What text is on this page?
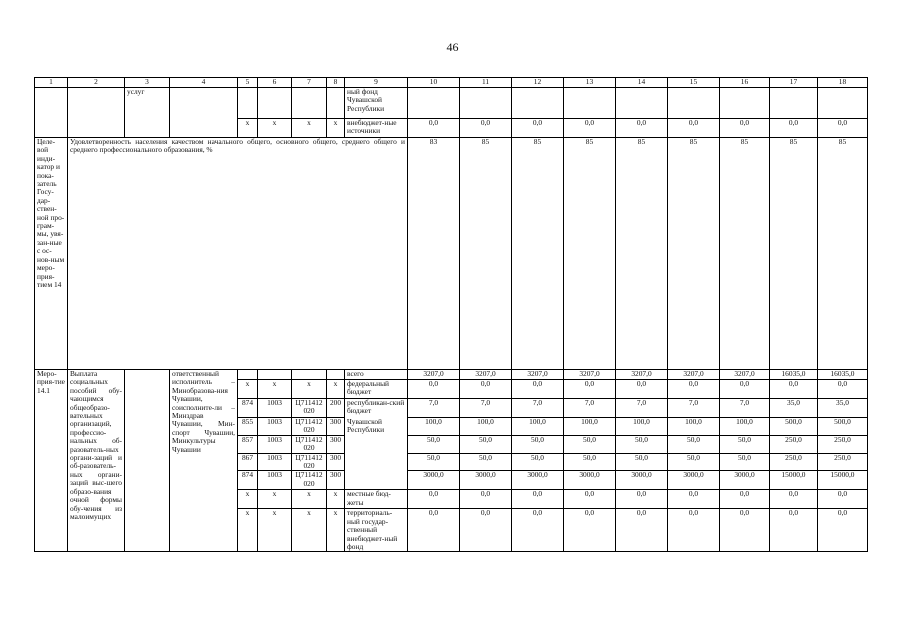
46
1	2	3	4	5	6	7	8	9	10	11	12	13	14	15	16	17	18
		услуг						ный фонд Чувашской Республики									
				х	х	х	х	внебюджет-ные источники	0,0	0,0	0,0	0,0	0,0	0,0	0,0	0,0	0,0
Целе-вой инди-катор и пока-затель Госу-дар-ствен-ной про-грам-мы, увя-зан-ные с ос-нов-ным меро-прия-тием 14	Удовлетворенность населения качеством начального общего, основного общего, среднего общего и среднего профессионального образования, %								83	85	85	85	85	85	85	85	85
Меро-прия-тие 14.1	Выплата социальных пособий обу-чающимся общеобразо-вательных организаций, профессио-нальных об-разователь-ных органи-заций и об-разователь-ных органи-заций выс-шего образо-вания очной формы обу-чения из малоимущих		ответственный исполнитель – Минобразова-ния Чувашии, соисполните-ли – Минздрав Чувашии, Мин-спорт Чувашии, Минкультуры Чувашии					всего	3207,0	3207,0	3207,0	3207,0	3207,0	3207,0	3207,0	16035,0	16035,0
				х	х	х	х	федеральный бюджет	0,0	0,0	0,0	0,0	0,0	0,0	0,0	0,0	0,0
				874	1003	Ц711412 020	200	республикан-ский бюджет	7,0	7,0	7,0	7,0	7,0	7,0	7,0	35,0	35,0
				855	1003	Ц711412 020	300	Чувашской Республики	100,0	100,0	100,0	100,0	100,0	100,0	100,0	500,0	500,0
				857	1003	Ц711412 020	300		50,0	50,0	50,0	50,0	50,0	50,0	50,0	250,0	250,0
				867	1003	Ц711412 020	300		50,0	50,0	50,0	50,0	50,0	50,0	50,0	250,0	250,0
				874	1003	Ц711412 020	300		3000,0	3000,0	3000,0	3000,0	3000,0	3000,0	3000,0	15000,0	15000,0
				х	х	х	х	местные бюд-жеты	0,0	0,0	0,0	0,0	0,0	0,0	0,0	0,0	0,0
				х	х	х	х	территориаль-ный государ-ственный внебюджет-ный фонд	0,0	0,0	0,0	0,0	0,0	0,0	0,0	0,0	0,0
